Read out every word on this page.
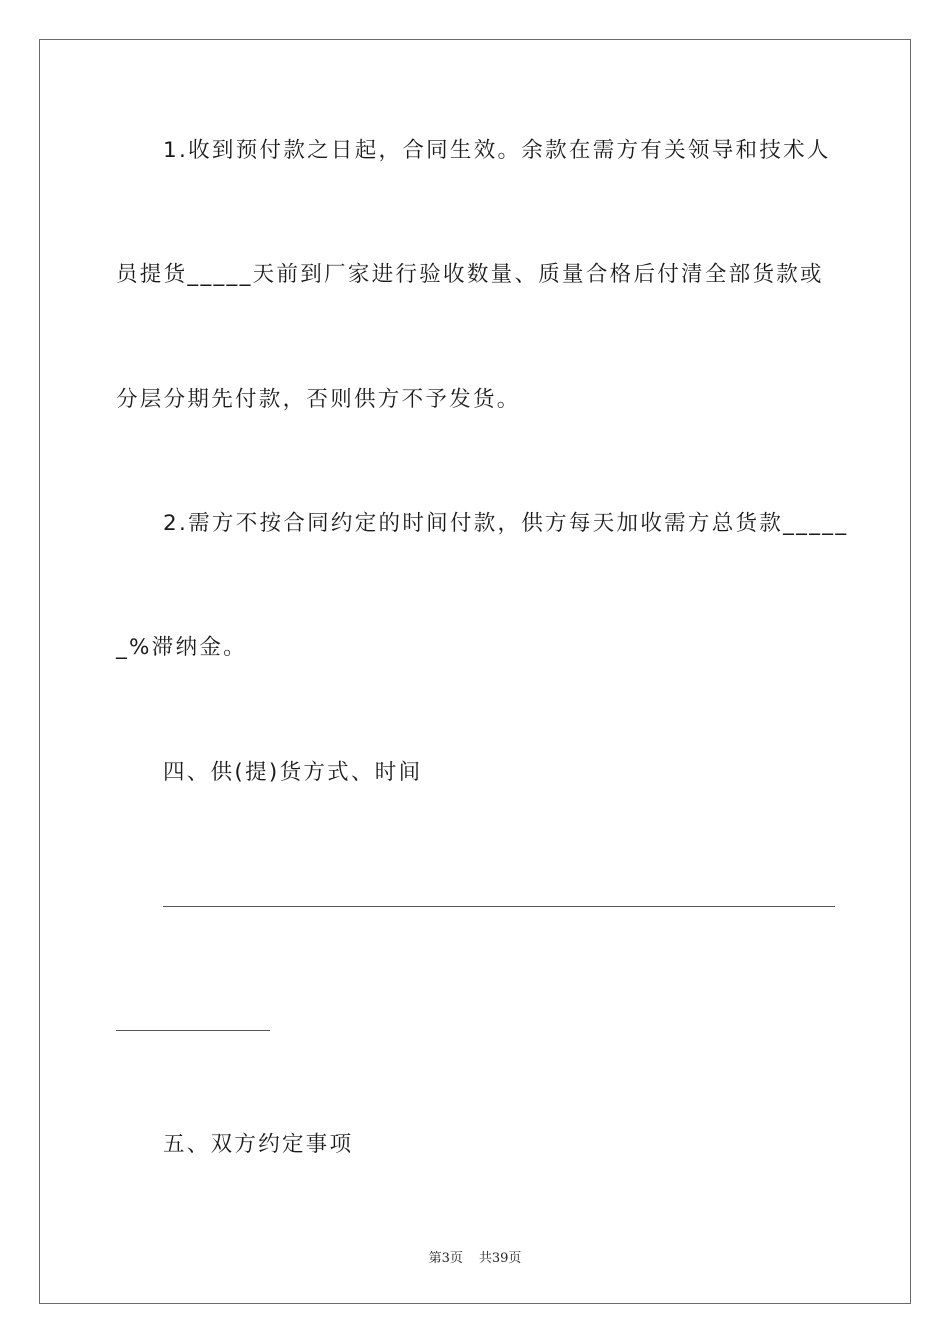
1.收到预付款之日起，合同生效。余款在需方有关领导和技术人
员提货_____天前到厂家进行验收数量、质量合格后付清全部货款或
分层分期先付款，否则供方不予发货。
2.需方不按合同约定的时间付款，供方每天加收需方总货款_____
_%滞纳金。
四、供(提)货方式、时间
五、双方约定事项
第3页 共39页
